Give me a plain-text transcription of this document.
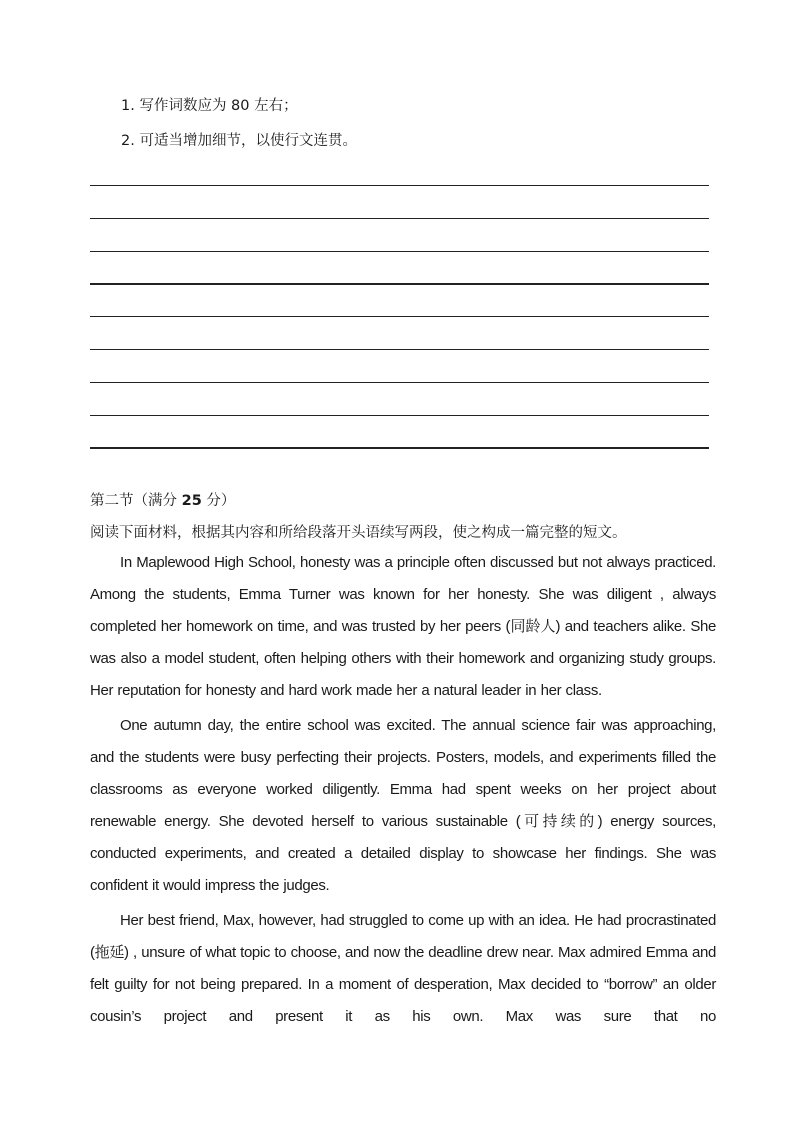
1. 写作词数应为 80 左右；
2. 可适当增加细节，以使行文连贯。
第二节（满分 25 分）
阅读下面材料，根据其内容和所给段落开头语续写两段，使之构成一篇完整的短文。

In Maplewood High School, honesty was a principle often discussed but not always practiced. Among the students, Emma Turner was known for her honesty. She was diligent , always completed her homework on time, and was trusted by her peers (同龄人) and teachers alike. She was also a model student, often helping others with their homework and organizing study groups. Her reputation for honesty and hard work made her a natural leader in her class.

One autumn day, the entire school was excited. The annual science fair was approaching, and the students were busy perfecting their projects. Posters, models, and experiments filled the classrooms as everyone worked diligently. Emma had spent weeks on her project about renewable energy. She devoted herself to various sustainable (可持续的) energy sources, conducted experiments, and created a detailed display to showcase her findings. She was confident it would impress the judges.

Her best friend, Max, however, had struggled to come up with an idea. He had procrastinated (拖延) , unsure of what topic to choose, and now the deadline drew near. Max admired Emma and felt guilty for not being prepared. In a moment of desperation, Max decided to “borrow” an older cousin’s project and present it as his own. Max was sure that no
